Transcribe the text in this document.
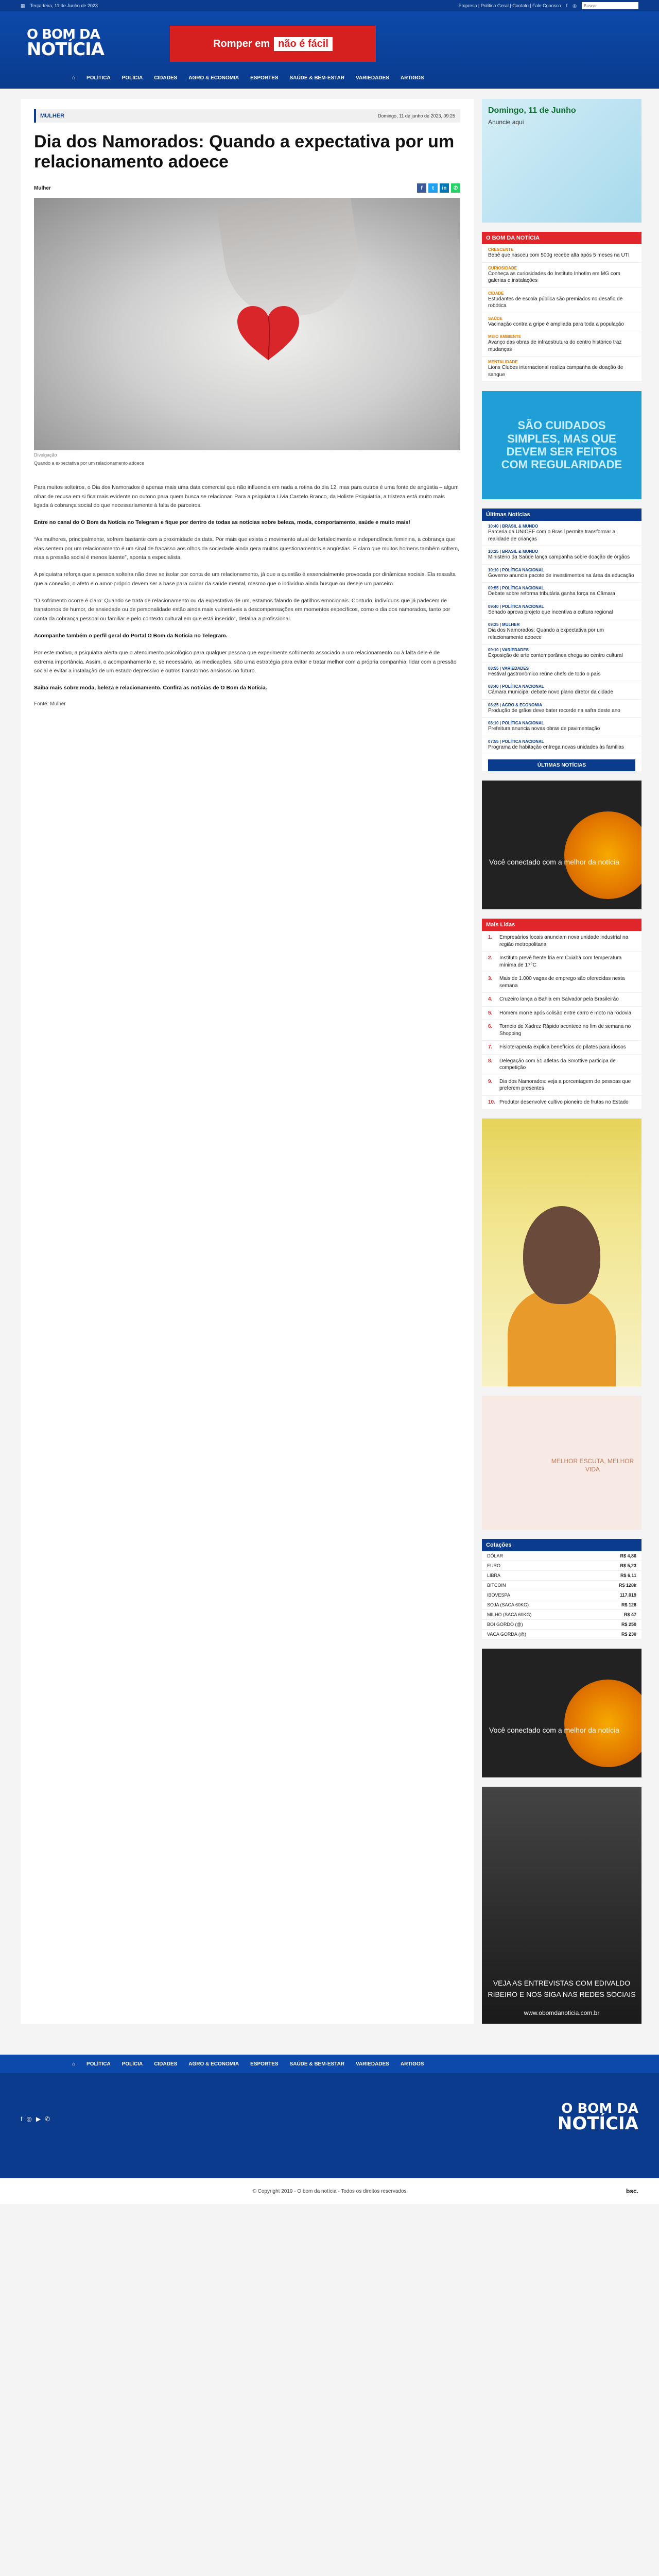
▦ Terça-feira, 11 de Junho de 2023	Empresa | Política Geral | Contato | Fale Conosco f ◎
Buscar
O BOM DA
NOTÍCIA	Romper em não é fácil
⌂ POLÍTICA POLÍCIA CIDADES AGRO & ECONOMIA ESPORTES SAÚDE & BEM-ESTAR VARIEDADES ARTIGOS
MULHER	Domingo, 11 de junho de 2023, 09:25
Dia dos Namorados: Quando a expectativa por um relacionamento adoece
Mulher	f	t	in	✆
Divulgação
Quando a expectativa por um relacionamento adoece

Para muitos solteiros, o Dia dos Namorados é apenas mais uma data comercial que não influencia em nada a rotina do dia 12, mas para outros é uma fonte de angústia – algum olhar de recusa em si fica mais evidente no outono para quem busca se relacionar. Para a psiquiatra Lívia Castelo Branco, da Holiste Psiquiatria, a tristeza está muito mais ligada à cobrança social do que necessariamente à falta de parceiros.

Entre no canal do O Bom da Notícia no Telegram e fique por dentro de todas as notícias sobre beleza, moda, comportamento, saúde e muito mais!

“As mulheres, principalmente, sofrem bastante com a proximidade da data. Por mais que exista o movimento atual de fortalecimento e independência feminina, a cobrança que elas sentem por um relacionamento é um sinal de fracasso aos olhos da sociedade ainda gera muitos questionamentos e angústias. É claro que muitos homens também sofrem, mas a pressão social é menos latente”, aponta a especialista.

A psiquiatra reforça que a pessoa solteira não deve se isolar por conta de um relacionamento, já que a questão é essencialmente provocada por dinâmicas sociais. Ela ressalta que a conexão, o afeto e o amor-próprio devem ser a base para cuidar da saúde mental, mesmo que o indivíduo ainda busque ou deseje um parceiro.

“O sofrimento ocorre é claro: Quando se trata de relacionamento ou da expectativa de um, estamos falando de gatilhos emocionais. Contudo, indivíduos que já padecem de transtornos de humor, de ansiedade ou de personalidade estão ainda mais vulneráveis a descompensações em momentos específicos, como o dia dos namorados, tanto por conta da cobrança pessoal ou familiar e pelo contexto cultural em que está inserido”, detalha a profissional.

Acompanhe também o perfil geral do Portal O Bom da Notícia no Telegram.

Por este motivo, a psiquiatra alerta que o atendimento psicológico para qualquer pessoa que experimente sofrimento associado a um relacionamento ou à falta dele é de extrema importância. Assim, o acompanhamento e, se necessário, as medicações, são uma estratégia para evitar e tratar melhor com a própria companhia, lidar com a pressão social e evitar a instalação de um estado depressivo e outros transtornos ansiosos no futuro.

Saiba mais sobre moda, beleza e relacionamento. Confira as notícias de O Bom da Notícia.

Fonte: Mulher
Domingo, 11 de Junho
Anuncie aqui
O BOM DA NOTÍCIA
CRESCENTE
Bebê que nasceu com 500g recebe alta após 5 meses na UTI
CURIOSIDADE
Conheça as curiosidades do Instituto Inhotim em MG com galerias e instalações
CIDADE
Estudantes de escola pública são premiados no desafio de robótica
SAÚDE
Vacinação contra a gripe é ampliada para toda a população
MEIO AMBIENTE
Avanço das obras de infraestrutura do centro histórico traz mudanças
MENTALIDADE
Lions Clubes internacional realiza campanha de doação de sangue
SÃO CUIDADOS SIMPLES, MAS QUE DEVEM SER FEITOS COM REGULARIDADE
Últimas Notícias
10:40 | BRASIL & MUNDO
Parceria da UNICEF com o Brasil permite transformar a realidade de crianças
10:25 | BRASIL & MUNDO
Ministério da Saúde lança campanha sobre doação de órgãos
10:10 | POLÍTICA NACIONAL
Governo anuncia pacote de investimentos na área da educação
09:55 | POLÍTICA NACIONAL
Debate sobre reforma tributária ganha força na Câmara
09:40 | POLÍTICA NACIONAL
Senado aprova projeto que incentiva a cultura regional
09:25 | MULHER
Dia dos Namorados: Quando a expectativa por um relacionamento adoece
09:10 | VARIEDADES
Exposição de arte contemporânea chega ao centro cultural
08:55 | VARIEDADES
Festival gastronômico reúne chefs de todo o país
08:40 | POLÍTICA NACIONAL
Câmara municipal debate novo plano diretor da cidade
08:25 | AGRO & ECONOMIA
Produção de grãos deve bater recorde na safra deste ano
08:10 | POLÍTICA NACIONAL
Prefeitura anuncia novas obras de pavimentação
07:55 | POLÍTICA NACIONAL
Programa de habitação entrega novas unidades às famílias
ÚLTIMAS NOTÍCIAS
Você conectado com a melhor da notícia
Mais Lidas
1.	Empresários locais anunciam nova unidade industrial na região metropolitana
2.	Instituto prevê frente fria em Cuiabá com temperatura mínima de 17°C
3.	Mais de 1.000 vagas de emprego são oferecidas nesta semana
4.	Cruzeiro lança a Bahia em Salvador pela Brasileirão
5.	Homem morre após colisão entre carro e moto na rodovia
6.	Torneio de Xadrez Rápido acontece no fim de semana no Shopping
7.	Fisioterapeuta explica benefícios do pilates para idosos
8.	Delegação com 51 atletas da Smottive participa de competição
9.	Dia dos Namorados: veja a porcentagem de pessoas que preferem presentes
10. Produtor desenvolve cultivo pioneiro de frutas no Estado
MELHOR ESCUTA, MELHOR VIDA
Cotações
DÓLAR	R$ 4,86
EURO	R$ 5,23
LIBRA	R$ 6,11
BITCOIN	R$ 128k
IBOVESPA	117.019
SOJA (SACA 60KG)	R$ 128
MILHO (SACA 60KG)	R$ 47
BOI GORDO (@)	R$ 250
VACA GORDA (@)	R$ 230
Você conectado com a melhor da notícia
VEJA AS ENTREVISTAS COM EDIVALDO RIBEIRO E NOS SIGA NAS REDES SOCIAIS
www.obomdanoticia.com.br
⌂ POLÍTICA POLÍCIA CIDADES AGRO & ECONOMIA ESPORTES SAÚDE & BEM-ESTAR VARIEDADES ARTIGOS
f ◎ ▶ ✆
O BOM DA
NOTÍCIA
© Copyright 2019 - O bom da notícia - Todos os direitos reservados	bsc.
